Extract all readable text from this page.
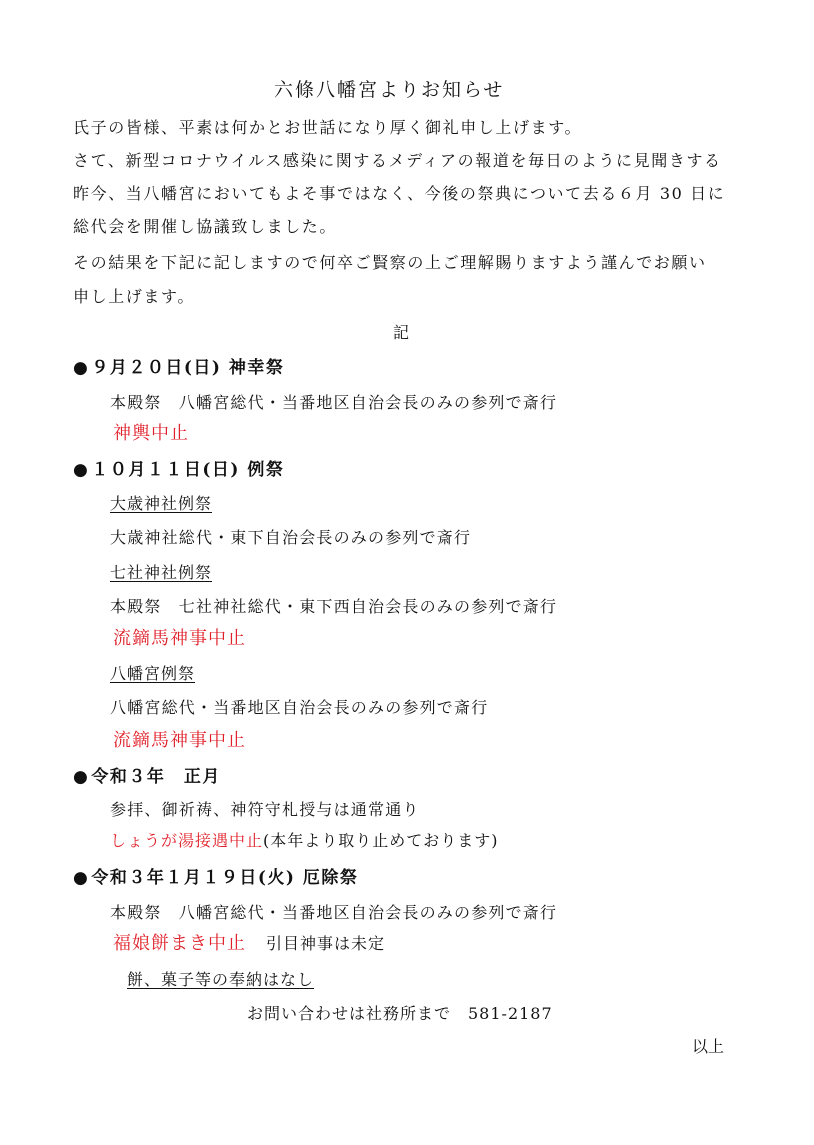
六條八幡宮よりお知らせ
氏子の皆様、平素は何かとお世話になり厚く御礼申し上げます。
さて、新型コロナウイルス感染に関するメディアの報道を毎日のように見聞きする
昨今、当八幡宮においてもよそ事ではなく、今後の祭典について去る６月 30 日に
総代会を開催し協議致しました。
その結果を下記に記しますので何卒ご賢察の上ご理解賜りますよう謹んでお願い
申し上げます。
記
● ９月２０日(日) 神幸祭
本殿祭　八幡宮総代・当番地区自治会長のみの参列で斎行
神輿中止
● １０月１１日(日) 例祭
大歳神社例祭
大歳神社総代・東下自治会長のみの参列で斎行
七社神社例祭
本殿祭　七社神社総代・東下西自治会長のみの参列で斎行
流鏑馬神事中止
八幡宮例祭
八幡宮総代・当番地区自治会長のみの参列で斎行
流鏑馬神事中止
● 令和３年　正月
参拝、御祈祷、神符守札授与は通常通り
しょうが湯接遇中止(本年より取り止めております)
● 令和３年１月１９日(火) 厄除祭
本殿祭　八幡宮総代・当番地区自治会長のみの参列で斎行
福娘餅まき中止 引目神事は未定
餅、菓子等の奉納はなし
お問い合わせは社務所まで　581-2187
以上
